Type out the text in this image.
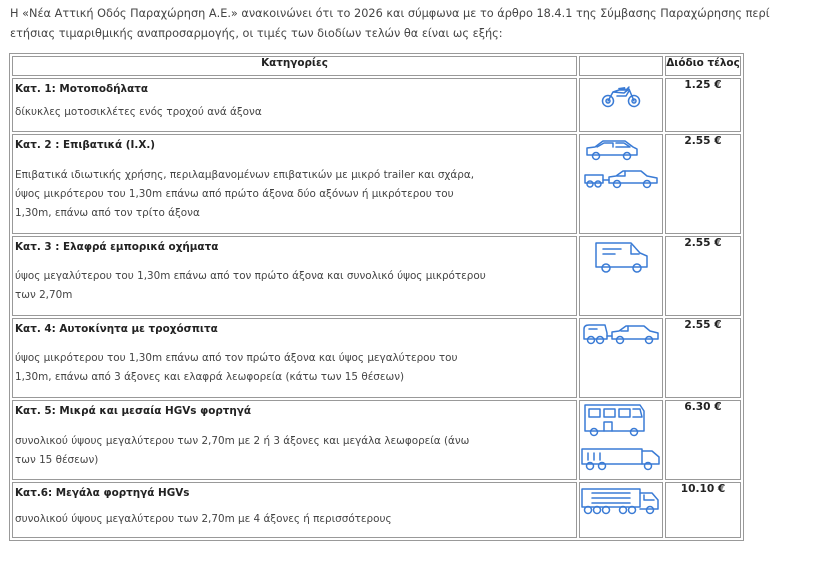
Η «Νέα Αττική Οδός Παραχώρηση Α.Ε.» ανακοινώνει ότι το 2026 και σύμφωνα με το άρθρο 18.4.1 της Σύμβασης Παραχώρησης περί ετήσιας τιμαριθμικής αναπροσαρμογής, οι τιμές των διοδίων τελών θα είναι ως εξής:

Κατηγορίες		Διόδιο τέλος

Κατ. 1: Μοτοποδήλατα
δίκυκλες μοτοσικλέτες ενός τροχού ανά άξονα		1.25 €

Κατ. 2 : Επιβατικά (Ι.Χ.)
Επιβατικά ιδιωτικής χρήσης, περιλαμβανομένων επιβατικών με μικρό trailer και σχάρα, ύψος μικρότερου του 1,30m επάνω από πρώτο άξονα δύο αξόνων ή μικρότερου του 1,30m, επάνω από τον τρίτο άξονα		2.55 €

Κατ. 3 : Ελαφρά εμπορικά οχήματα
ύψος μεγαλύτερου του 1,30m επάνω από τον πρώτο άξονα και συνολικό ύψος μικρότερου των 2,70m		2.55 €

Κατ. 4: Αυτοκίνητα με τροχόσπιτα
ύψος μικρότερου του 1,30m επάνω από τον πρώτο άξονα και ύψος μεγαλύτερου του 1,30m, επάνω από 3 άξονες και ελαφρά λεωφορεία (κάτω των 15 θέσεων)		2.55 €

Κατ. 5: Μικρά και μεσαία HGVs φορτηγά
συνολικού ύψους μεγαλύτερου των 2,70m με 2 ή 3 άξονες και μεγάλα λεωφορεία (άνω των 15 θέσεων)		6.30 €

Κατ.6: Μεγάλα φορτηγά HGVs
συνολικού ύψους μεγαλύτερου των 2,70m με 4 άξονες ή περισσότερους		10.10 €
